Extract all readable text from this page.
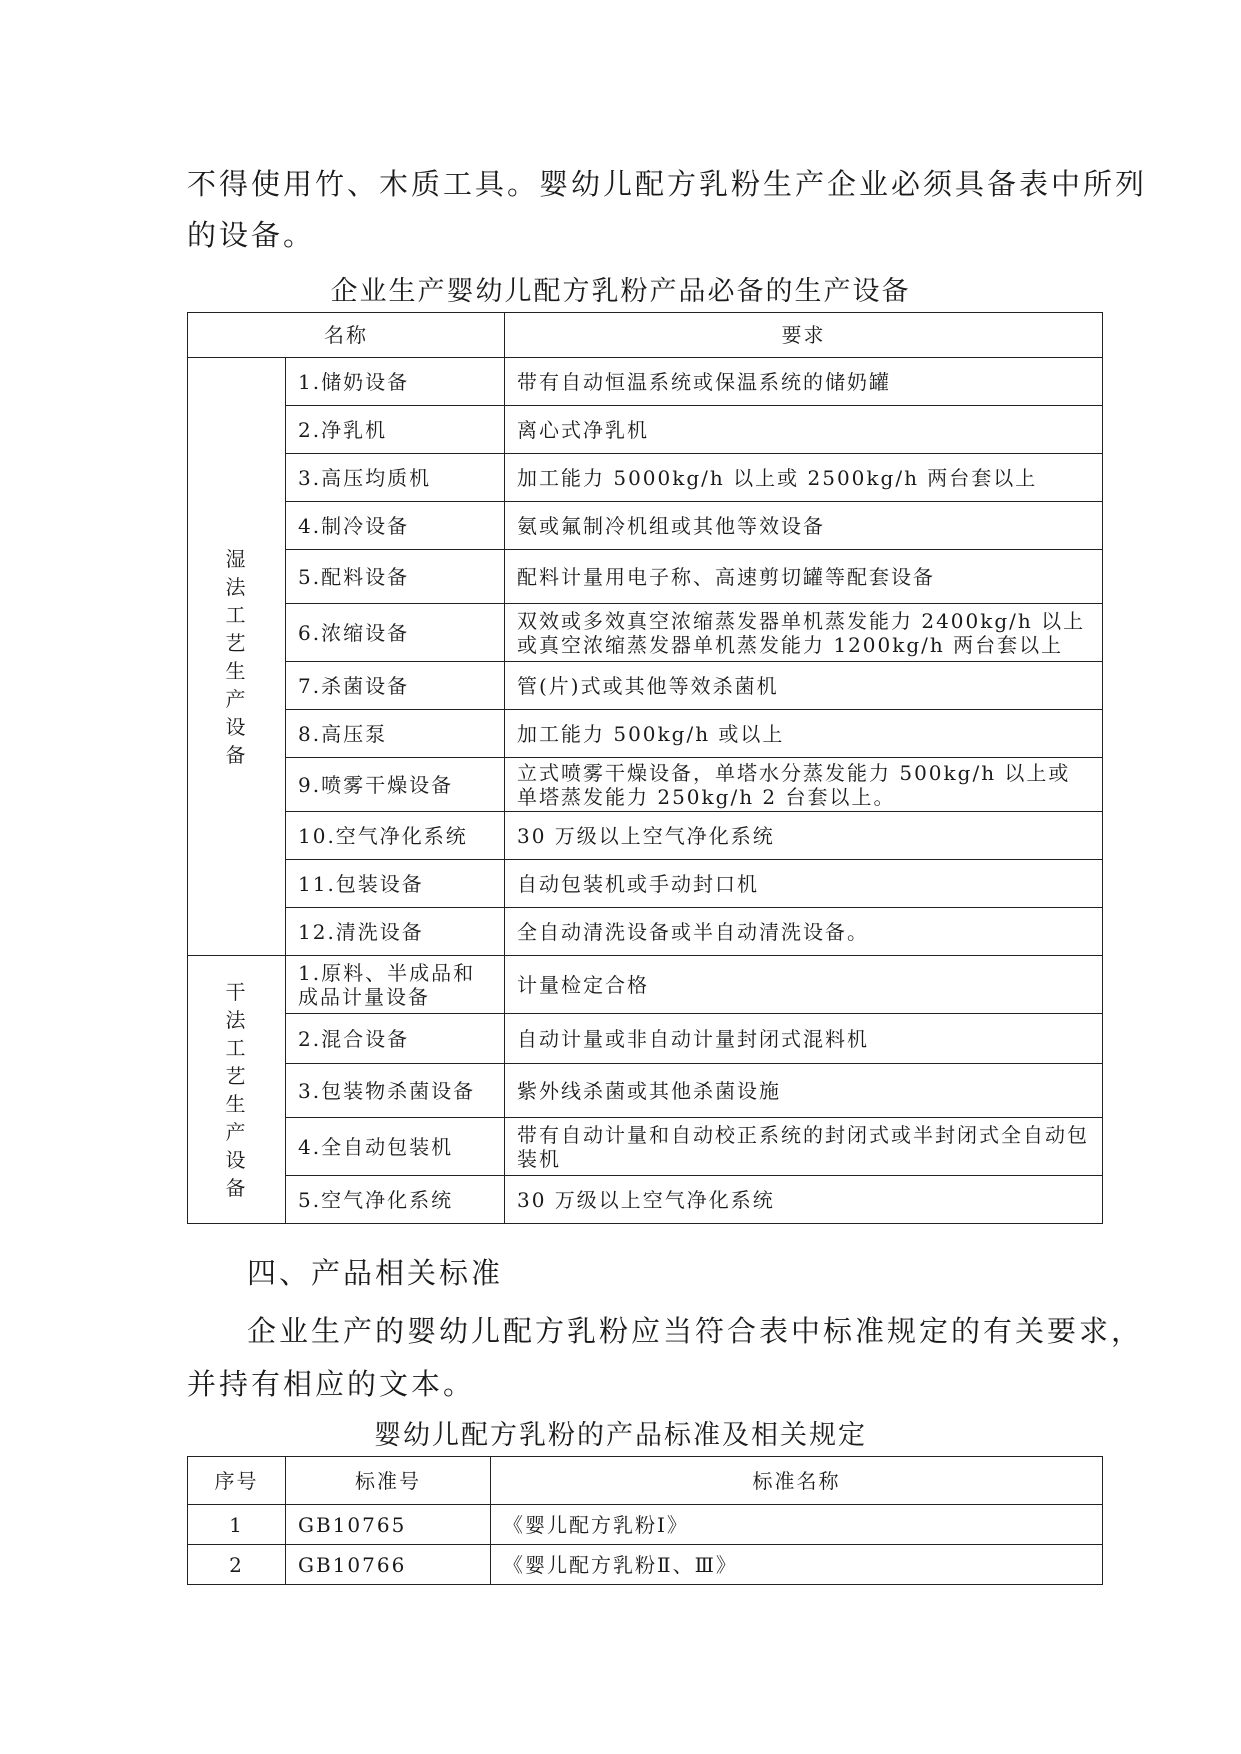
不得使用竹、木质工具。婴幼儿配方乳粉生产企业必须具备表中所列
的设备。
企业生产婴幼儿配方乳粉产品必备的生产设备
名称		要求

湿法工艺生产设备	1.储奶设备	带有自动恒温系统或保温系统的储奶罐
	2.净乳机	离心式净乳机
	3.高压均质机	加工能力 5000kg/h 以上或 2500kg/h 两台套以上
	4.制冷设备	氨或氟制冷机组或其他等效设备
	5.配料设备	配料计量用电子称、高速剪切罐等配套设备
	6.浓缩设备	双效或多效真空浓缩蒸发器单机蒸发能力 2400kg/h 以上或真空浓缩蒸发器单机蒸发能力 1200kg/h 两台套以上
	7.杀菌设备	管(片)式或其他等效杀菌机
	8.高压泵	加工能力 500kg/h 或以上
	9.喷雾干燥设备	立式喷雾干燥设备，单塔水分蒸发能力 500kg/h 以上或单塔蒸发能力 250kg/h 2 台套以上。
	10.空气净化系统	30 万级以上空气净化系统
	11.包装设备	自动包装机或手动封口机
	12.清洗设备	全自动清洗设备或半自动清洗设备。

干法工艺生产设备	1.原料、半成品和成品计量设备	计量检定合格
	2.混合设备	自动计量或非自动计量封闭式混料机
	3.包装物杀菌设备	紫外线杀菌或其他杀菌设施
	4.全自动包装机	带有自动计量和自动校正系统的封闭式或半封闭式全自动包装机
	5.空气净化系统	30 万级以上空气净化系统
四、产品相关标准
企业生产的婴幼儿配方乳粉应当符合表中标准规定的有关要求，
并持有相应的文本。
婴幼儿配方乳粉的产品标准及相关规定
序号	标准号	标准名称
1	GB10765	《婴儿配方乳粉Ⅰ》
2	GB10766	《婴儿配方乳粉Ⅱ、Ⅲ》
